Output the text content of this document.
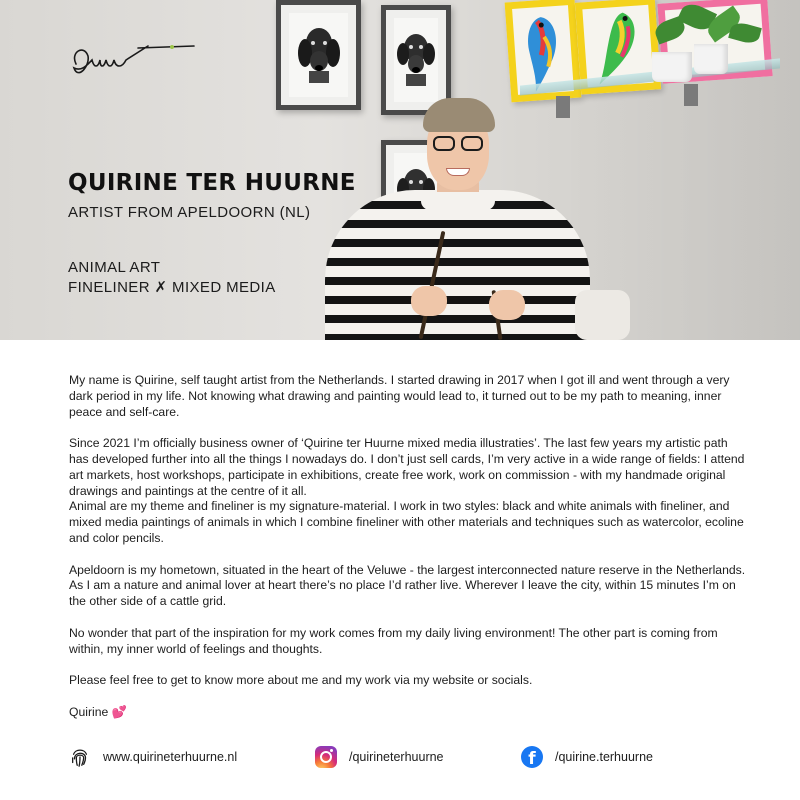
QUIRINE TER HUURNE
ARTIST FROM APELDOORN (NL)
ANIMAL ART
FINELINER ✗ MIXED MEDIA

My name is Quirine, self taught artist from the Netherlands. I started drawing in 2017 when I got ill and went through a very dark period in my life. Not knowing what drawing and painting would lead to, it turned out to be my path to meaning, inner peace and self-care.

Since 2021 I’m officially business owner of ‘Quirine ter Huurne mixed media illustraties’. The last few years my artistic path has developed further into all the things I nowadays do. I don’t just sell cards, I’m very active in a wide range of fields: I attend art markets, host workshops, participate in exhibitions, create free work, work on commission - with my handmade original drawings and paintings at the centre of it all.

Animal are my theme and fineliner is my signature-material. I work in two styles: black and white animals with fineliner, and mixed media paintings of animals in which I combine fineliner with other materials and techniques such as watercolor, ecoline and color pencils.

Apeldoorn is my hometown, situated in the heart of the Veluwe - the largest interconnected nature reserve in the Netherlands. As I am a nature and animal lover at heart there’s no place I’d rather live. Wherever I leave the city, within 15 minutes I’m on the other side of a cattle grid.

No wonder that part of the inspiration for my work comes from my daily living environment! The other part is coming from within, my inner world of feelings and thoughts.

Please feel free to get to know more about me and my work via my website or socials.

Quirine 💕

www.quirineterhuurne.nl	/quirineterhuurne	f	/quirine.terhuurne
